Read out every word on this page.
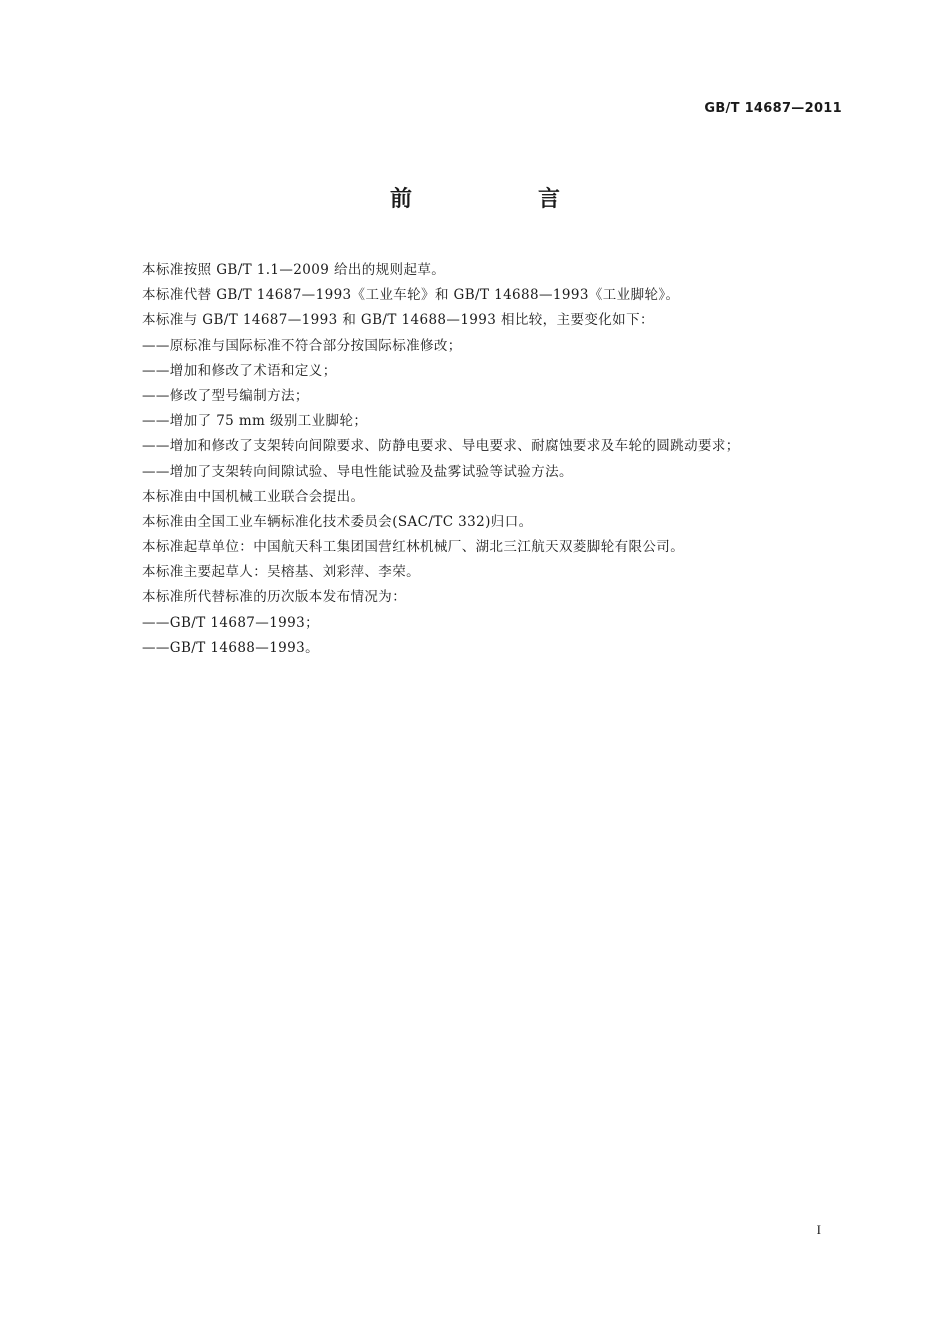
GB/T 14687—2011
前　言
本标准按照 GB/T 1.1—2009 给出的规则起草。
本标准代替 GB/T 14687—1993《工业车轮》和 GB/T 14688—1993《工业脚轮》。
本标准与 GB/T 14687—1993 和 GB/T 14688—1993 相比较，主要变化如下：
——原标准与国际标准不符合部分按国际标准修改；
——增加和修改了术语和定义；
——修改了型号编制方法；
——增加了 75 mm 级别工业脚轮；
——增加和修改了支架转向间隙要求、防静电要求、导电要求、耐腐蚀要求及车轮的圆跳动要求；
——增加了支架转向间隙试验、导电性能试验及盐雾试验等试验方法。
本标准由中国机械工业联合会提出。
本标准由全国工业车辆标准化技术委员会(SAC/TC 332)归口。
本标准起草单位：中国航天科工集团国营红林机械厂、湖北三江航天双菱脚轮有限公司。
本标准主要起草人：吴榕基、刘彩萍、李荣。
本标准所代替标准的历次版本发布情况为：
——GB/T 14687—1993；
——GB/T 14688—1993。
I
